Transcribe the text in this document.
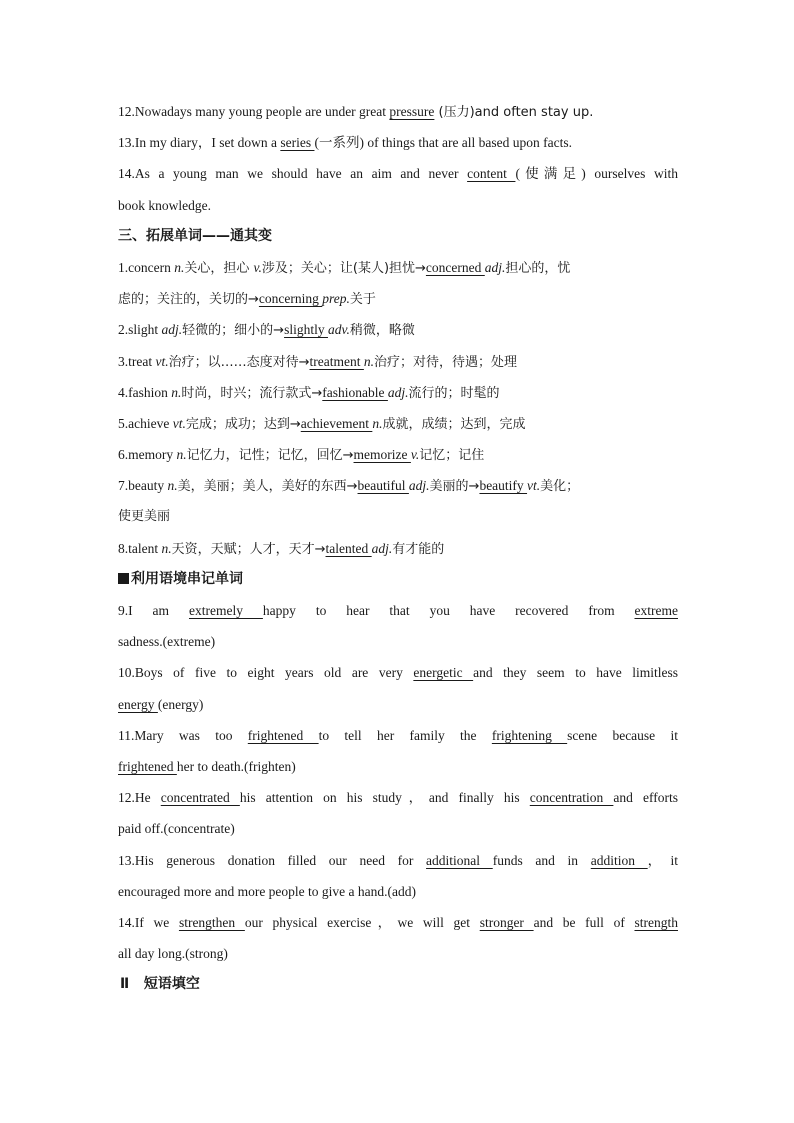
12.Nowadays many young people are under great pressure (压力)and often stay up.
13.In my diary，I set down a series (一系列) of things that are all based upon facts.
14.As a young man we should have an aim and never content (使满足) ourselves with
book knowledge.
三、拓展单词——通其变
1.concern n.关心，担心 v.涉及；关心；让(某人)担忧→concerned adj.担心的，忧
虑的；关注的，关切的→concerning prep.关于
2.slight adj.轻微的；细小的→slightly adv.稍微，略微
3.treat vt.治疗；以……态度对待→treatment n.治疗；对待，待遇；处理
4.fashion n.时尚，时兴；流行款式→fashionable adj.流行的；时髦的
5.achieve vt.完成；成功；达到→achievement n.成就，成绩；达到，完成
6.memory n.记忆力，记性；记忆，回忆→memorize v.记忆；记住
7.beauty n.美，美丽；美人，美好的东西→beautiful adj.美丽的→beautify vt.美化；
使更美丽
8.talent n.天资，天赋；人才，天才→talented adj.有才能的
利用语境串记单词
9.I am extremely happy to hear that you have recovered from extreme
sadness.(extreme)
10.Boys of five to eight years old are very energetic and they seem to have limitless
energy (energy)
11.Mary was too frightened to tell her family the frightening scene because it
frightened her to death.(frighten)
12.He concentrated his attention on his study，and finally his concentration and efforts
paid off.(concentrate)
13.His generous donation filled our need for additional funds and in addition ，it
encouraged more and more people to give a hand.(add)
14.If we strengthen our physical exercise，we will get stronger and be full of strength
all day long.(strong)
Ⅱ 短语填空
